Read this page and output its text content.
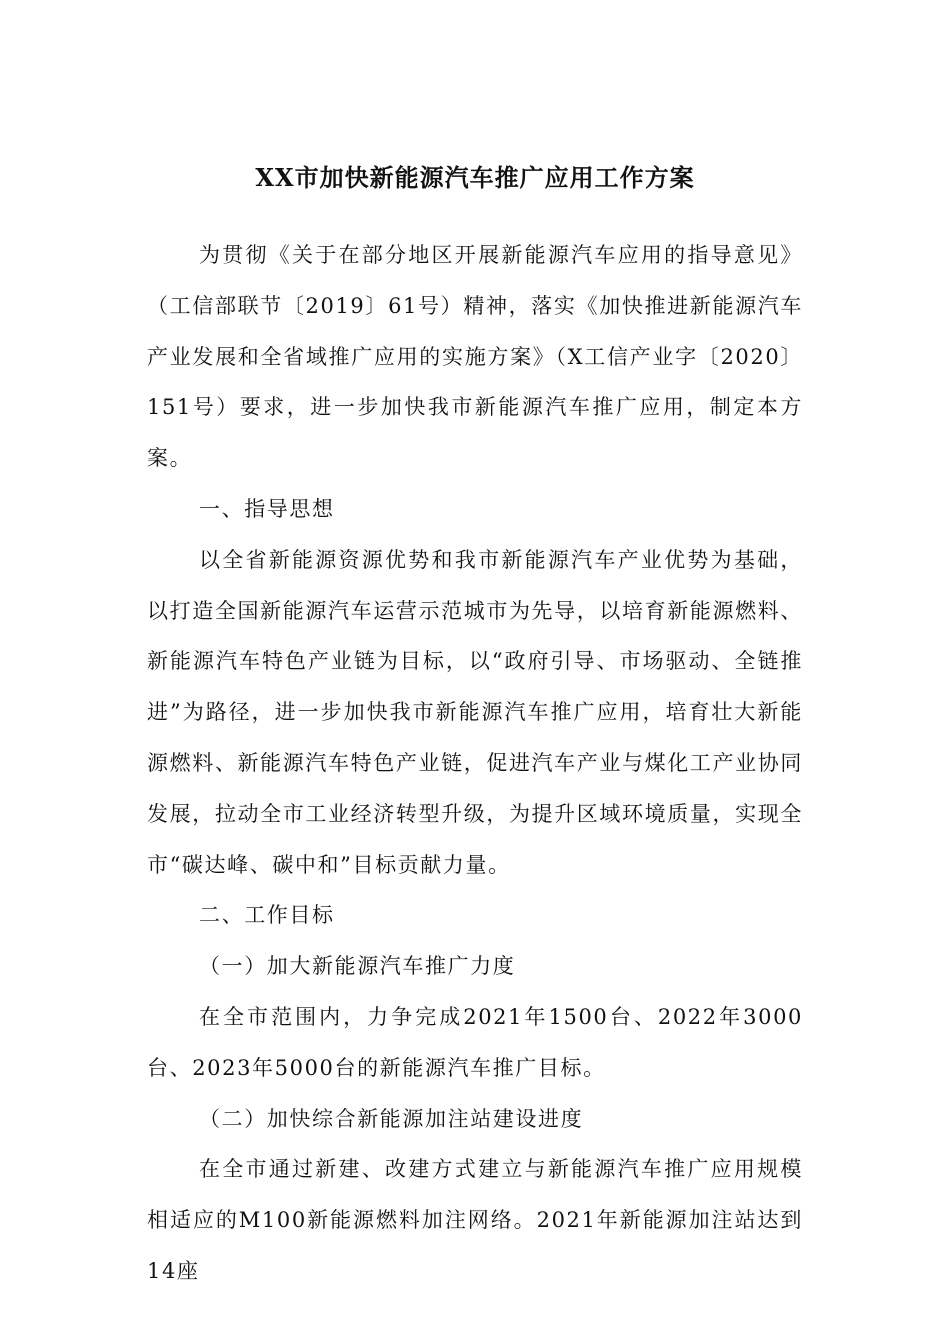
XX市加快新能源汽车推广应用工作方案

为贯彻《关于在部分地区开展新能源汽车应用的指导意见》（工信部联节〔2019〕61号）精神，落实《加快推进新能源汽车产业发展和全省域推广应用的实施方案》（X工信产业字〔2020〕151号）要求，进一步加快我市新能源汽车推广应用，制定本方案。

一、指导思想

以全省新能源资源优势和我市新能源汽车产业优势为基础，以打造全国新能源汽车运营示范城市为先导，以培育新能源燃料、新能源汽车特色产业链为目标，以“政府引导、市场驱动、全链推进”为路径，进一步加快我市新能源汽车推广应用，培育壮大新能源燃料、新能源汽车特色产业链，促进汽车产业与煤化工产业协同发展，拉动全市工业经济转型升级，为提升区域环境质量，实现全市“碳达峰、碳中和”目标贡献力量。

二、工作目标

（一）加大新能源汽车推广力度

在全市范围内，力争完成2021年1500台、2022年3000台、2023年5000台的新能源汽车推广目标。

（二）加快综合新能源加注站建设进度

在全市通过新建、改建方式建立与新能源汽车推广应用规模相适应的M100新能源燃料加注网络。2021年新能源加注站达到14座
